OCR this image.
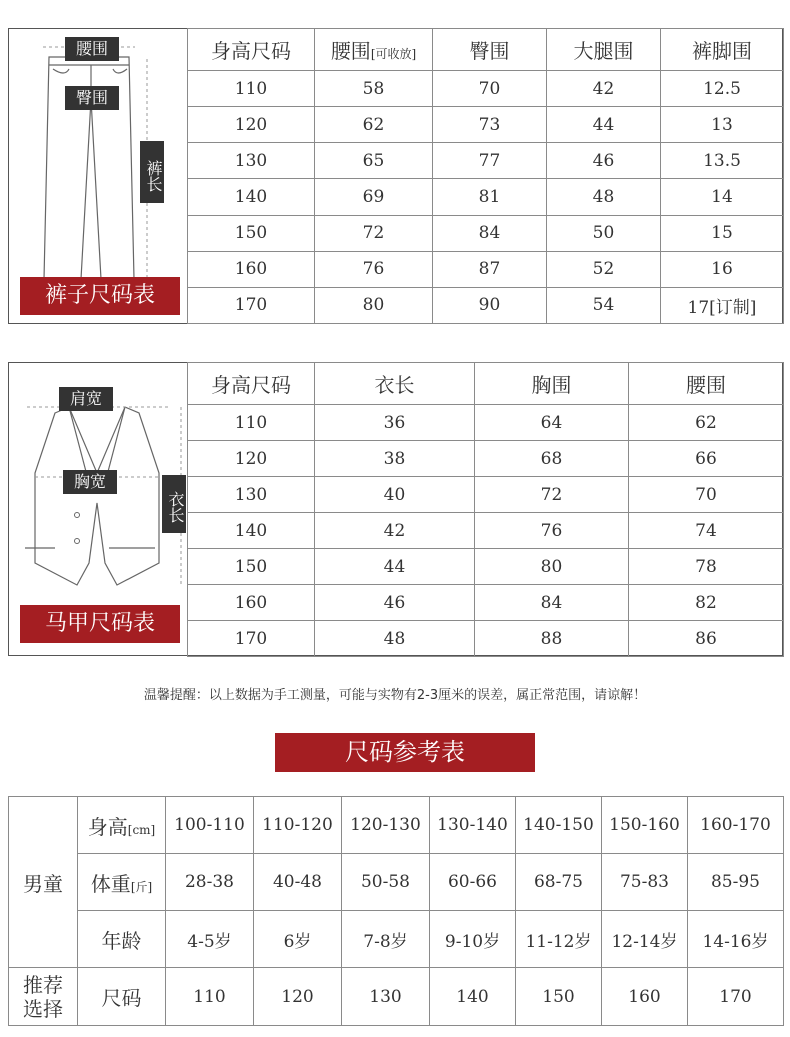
腰围
臀围
裤长
裤子尺码表
身高尺码	腰围[可收放]	臀围	大腿围	裤脚围
110	58	70	42	12.5
120	62	73	44	13
130	65	77	46	13.5
140	69	81	48	14
150	72	84	50	15
160	76	87	52	16
170	80	90	54	17[订制]
肩宽
胸宽
衣长
马甲尺码表
身高尺码	衣长	胸围	腰围
110	36	64	62
120	38	68	66
130	40	72	70
140	42	76	74
150	44	80	78
160	46	84	82
170	48	88	86
温馨提醒：以上数据为手工测量，可能与实物有2-3厘米的误差，属正常范围，请谅解！
尺码参考表
男童	身高[cm]	100-110	110-120	120-130	130-140	140-150	150-160	160-170
	体重[斤]	28-38	40-48	50-58	60-66	68-75	75-83	85-95
	年龄	4-5岁	6岁	7-8岁	9-10岁	11-12岁	12-14岁	14-16岁
推荐选择	尺码	110	120	130	140	150	160	170
